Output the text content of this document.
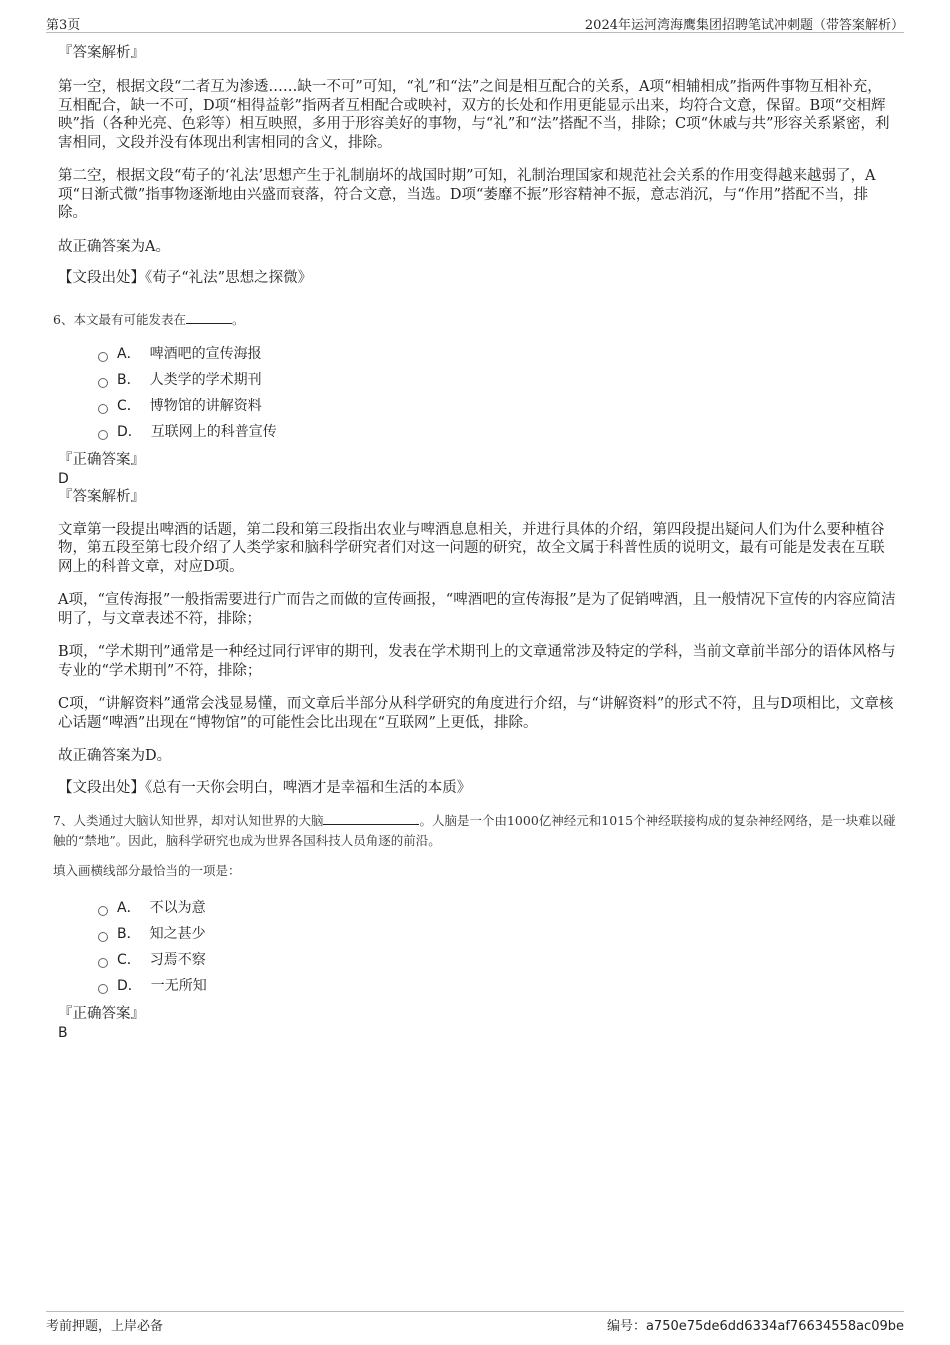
第3页	2024年运河湾海鹰集团招聘笔试冲刺题（带答案解析）
『答案解析』

第一空，根据文段“二者互为渗透……缺一不可”可知，“礼”和“法”之间是相互配合的关系，A项“相辅相成”指两件事物互相补充，互相配合，缺一不可，D项“相得益彰”指两者互相配合或映衬，双方的长处和作用更能显示出来，均符合文意，保留。B项“交相辉映”指（各种光亮、色彩等）相互映照，多用于形容美好的事物，与“礼”和“法”搭配不当，排除；C项“休戚与共”形容关系紧密，利害相同，文段并没有体现出利害相同的含义，排除。

第二空，根据文段“荀子的‘礼法’思想产生于礼制崩坏的战国时期”可知，礼制治理国家和规范社会关系的作用变得越来越弱了，A项“日渐式微”指事物逐渐地由兴盛而衰落，符合文意，当选。D项“萎靡不振”形容精神不振，意志消沉，与“作用”搭配不当，排除。

故正确答案为A。

【文段出处】《荀子“礼法”思想之探微》

6、本文最有可能发表在	。

A． 啤酒吧的宣传海报
B． 人类学的学术期刊
C． 博物馆的讲解资料
D． 互联网上的科普宣传
『正确答案』
D
『答案解析』

文章第一段提出啤酒的话题，第二段和第三段指出农业与啤酒息息相关，并进行具体的介绍，第四段提出疑问人们为什么要种植谷物，第五段至第七段介绍了人类学家和脑科学研究者们对这一问题的研究，故全文属于科普性质的说明文，最有可能是发表在互联网上的科普文章，对应D项。

A项，“宣传海报”一般指需要进行广而告之而做的宣传画报，“啤酒吧的宣传海报”是为了促销啤酒，且一般情况下宣传的内容应简洁明了，与文章表述不符，排除；

B项，“学术期刊”通常是一种经过同行评审的期刊，发表在学术期刊上的文章通常涉及特定的学科，当前文章前半部分的语体风格与专业的“学术期刊”不符，排除；

C项，“讲解资料”通常会浅显易懂，而文章后半部分从科学研究的角度进行介绍，与“讲解资料”的形式不符，且与D项相比，文章核心话题“啤酒”出现在“博物馆”的可能性会比出现在“互联网”上更低，排除。

故正确答案为D。

【文段出处】《总有一天你会明白，啤酒才是幸福和生活的本质》

7、人类通过大脑认知世界，却对认知世界的大脑	。人脑是一个由1000亿神经元和1015个神经联接构成的复杂神经网络，是一块难以碰触的“禁地”。因此，脑科学研究也成为世界各国科技人员角逐的前沿。

填入画横线部分最恰当的一项是：

A． 不以为意
B． 知之甚少
C． 习焉不察
D． 一无所知
『正确答案』
B
考前押题，上岸必备	编号：a750e75de6dd6334af76634558ac09be
